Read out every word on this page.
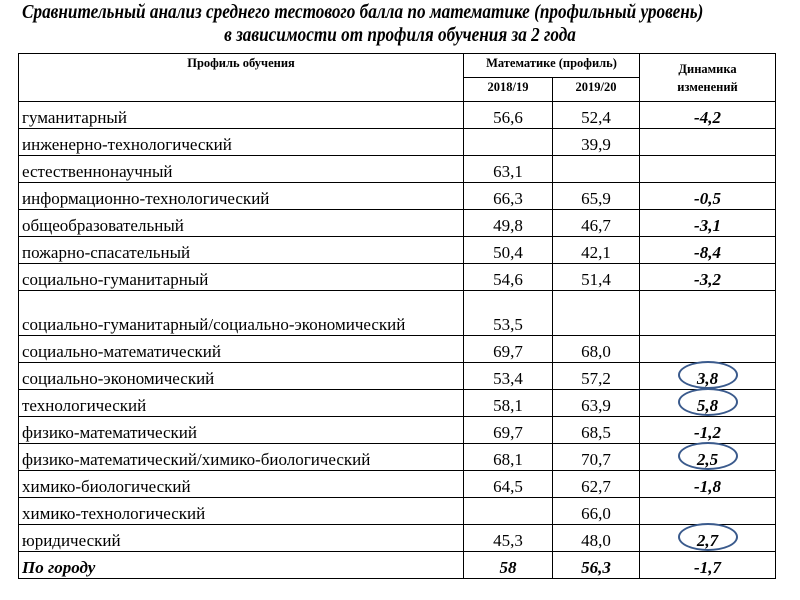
Сравнительный анализ среднего тестового балла по математике (профильный уровень)
в зависимости от профиля обучения за 2 года
Профиль обучения	Математике (профиль)		Динамика
изменений

	2018/19	2019/20	
гуманитарный	56,6	52,4	-4,2
инженерно-технологический		39,9	
естественнонаучный	63,1		
информационно-технологический	66,3	65,9	-0,5
общеобразовательный	49,8	46,7	-3,1
пожарно-спасательный	50,4	42,1	-8,4
социально-гуманитарный	54,6	51,4	-3,2
социально-гуманитарный/социально-экономический	53,5		
социально-математический	69,7	68,0	
социально-экономический	53,4	57,2	3,8
технологический	58,1	63,9	5,8
физико-математический	69,7	68,5	-1,2
физико-математический/химико-биологический	68,1	70,7	2,5
химико-биологический	64,5	62,7	-1,8
химико-технологический		66,0	
юридический	45,3	48,0	2,7
По городу	58	56,3	-1,7
